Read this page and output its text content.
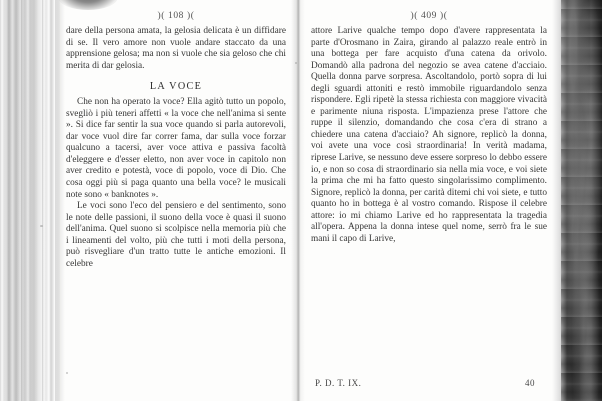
)( 108 )(

dare della persona amata, la gelosia delicata è un diffidare di se. Il vero amore non vuole andare staccato da una apprensione gelosa; ma non si vuole che sia geloso che chi merita di dar gelosia.

LA VOCE

Che non ha operato la voce? Ella agitò tutto un popolo, svegliò i più teneri affetti « la voce che nell'anima si sente ». Si dice far sentir la sua voce quando si parla autorevoli, dar voce vuol dire far correr fama, dar sulla voce forzar qualcuno a tacersi, aver voce attiva e passiva facoltà d'eleggere e d'esser eletto, non aver voce in capitolo non aver credito e potestà, voce di popolo, voce di Dio. Che cosa oggi più si paga quanto una bella voce? le musicali note sono « banknotes ».

Le voci sono l'eco del pensiero e del sentimento, sono le note delle passioni, il suono della voce è quasi il suono dell'anima. Quel suono si scolpisce nella memoria più che i lineamenti del volto, più che tutti i moti della persona, può risvegliare d'un tratto tutte le antiche emozioni. Il celebre

)( 409 )(

attore Larive qualche tempo dopo d'avere rappresentata la parte d'Orosmano in Zaira, girando al palazzo reale entrò in una bottega per fare acquisto d'una catena da orivolo. Domandò alla padrona del negozio se avea catene d'acciaio. Quella donna parve sorpresa. Ascoltandolo, portò sopra di lui degli sguardi attoniti e restò immobile riguardandolo senza rispondere. Egli ripetè la stessa richiesta con maggiore vivacità e parimente niuna risposta. L'impazienza prese l'attore che ruppe il silenzio, domandando che cosa c'era di strano a chiedere una catena d'acciaio? Ah signore, replicò la donna, voi avete una voce così straordinaria! In verità madama, riprese Larive, se nessuno deve essere sorpreso lo debbo essere io, e non so cosa di straordinario sia nella mia voce, e voi siete la prima che mi ha fatto questo singolarissimo complimento. Signore, replicò la donna, per carità ditemi chi voi siete, e tutto quanto ho in bottega è al vostro comando. Rispose il celebre attore: io mi chiamo Larive ed ho rappresentata la tragedia all'opera. Appena la donna intese quel nome, serrò fra le sue mani il capo di Larive,

P. D. T. IX.	40
